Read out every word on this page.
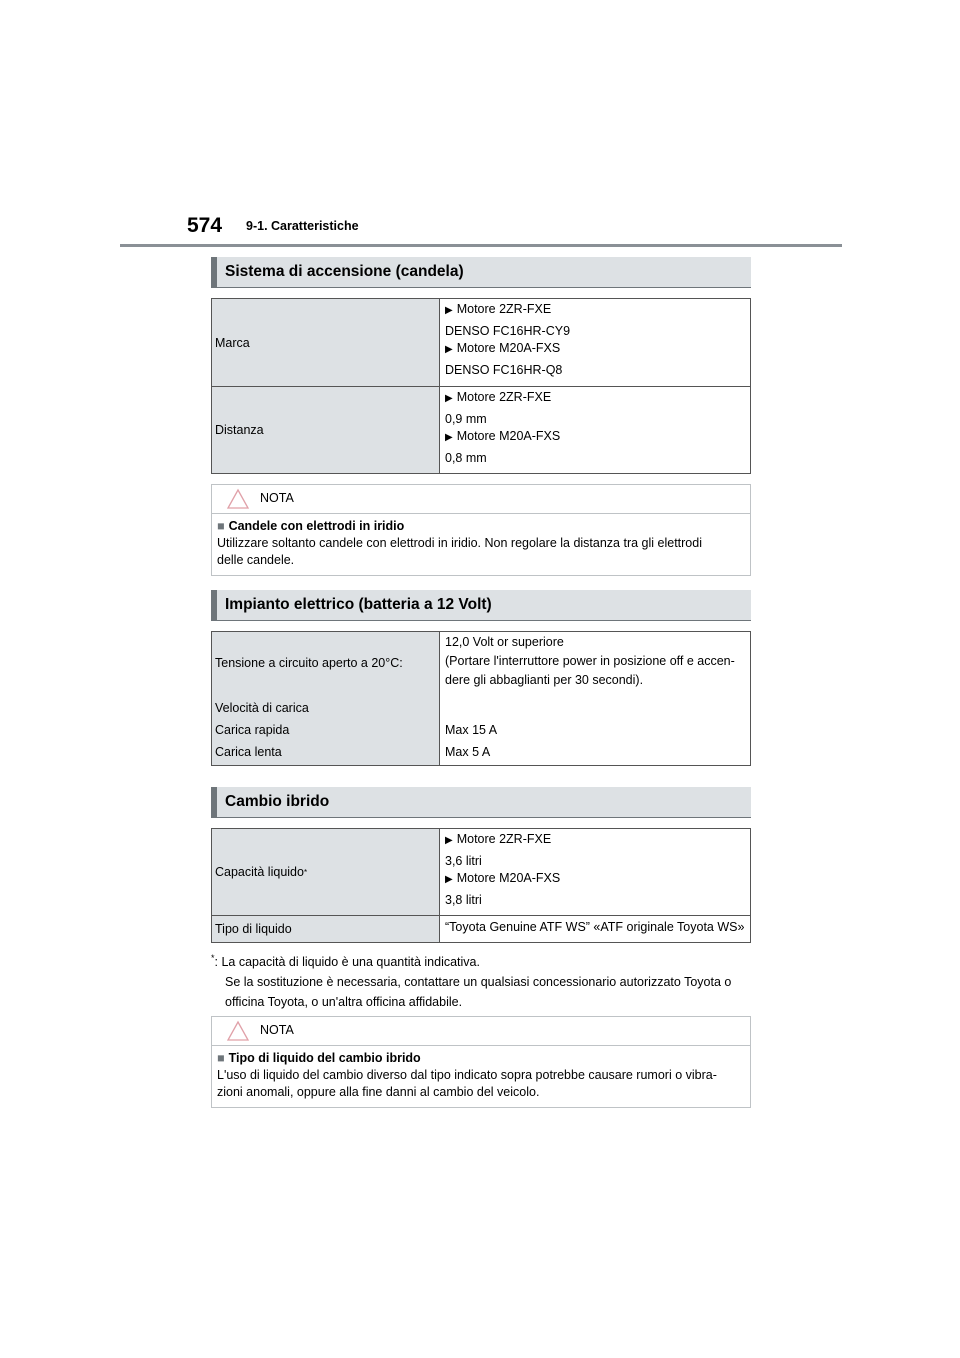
574 9-1. Caratteristiche
Sistema di accensione (candela)
Marca
▶ Motore 2ZR-FXE
DENSO FC16HR-CY9
▶ Motore M20A-FXS
DENSO FC16HR-Q8
Distanza
▶ Motore 2ZR-FXE
0,9 mm
▶ Motore M20A-FXS
0,8 mm
NOTA
■ Candele con elettrodi in iridio
Utilizzare soltanto candele con elettrodi in iridio. Non regolare la distanza tra gli elettrodi
delle candele.
Impianto elettrico (batteria a 12 Volt)
Tensione a circuito aperto a 20°C:
Velocità di carica
Carica rapida
Carica lenta
12,0 Volt or superiore
(Portare l'interruttore power in posizione off e accen-
dere gli abbaglianti per 30 secondi).
Max 15 A
Max 5 A
Cambio ibrido
Capacità liquido *
▶ Motore 2ZR-FXE
3,6 litri
▶ Motore M20A-FXS
3,8 litri
Tipo di liquido	“Toyota Genuine ATF WS” «ATF originale Toyota WS»
*: La capacità di liquido è una quantità indicativa.
Se la sostituzione è necessaria, contattare un qualsiasi concessionario autorizzato Toyota o
officina Toyota, o un'altra officina affidabile.
NOTA
■ Tipo di liquido del cambio ibrido
L'uso di liquido del cambio diverso dal tipo indicato sopra potrebbe causare rumori o vibra-
zioni anomali, oppure alla fine danni al cambio del veicolo.
